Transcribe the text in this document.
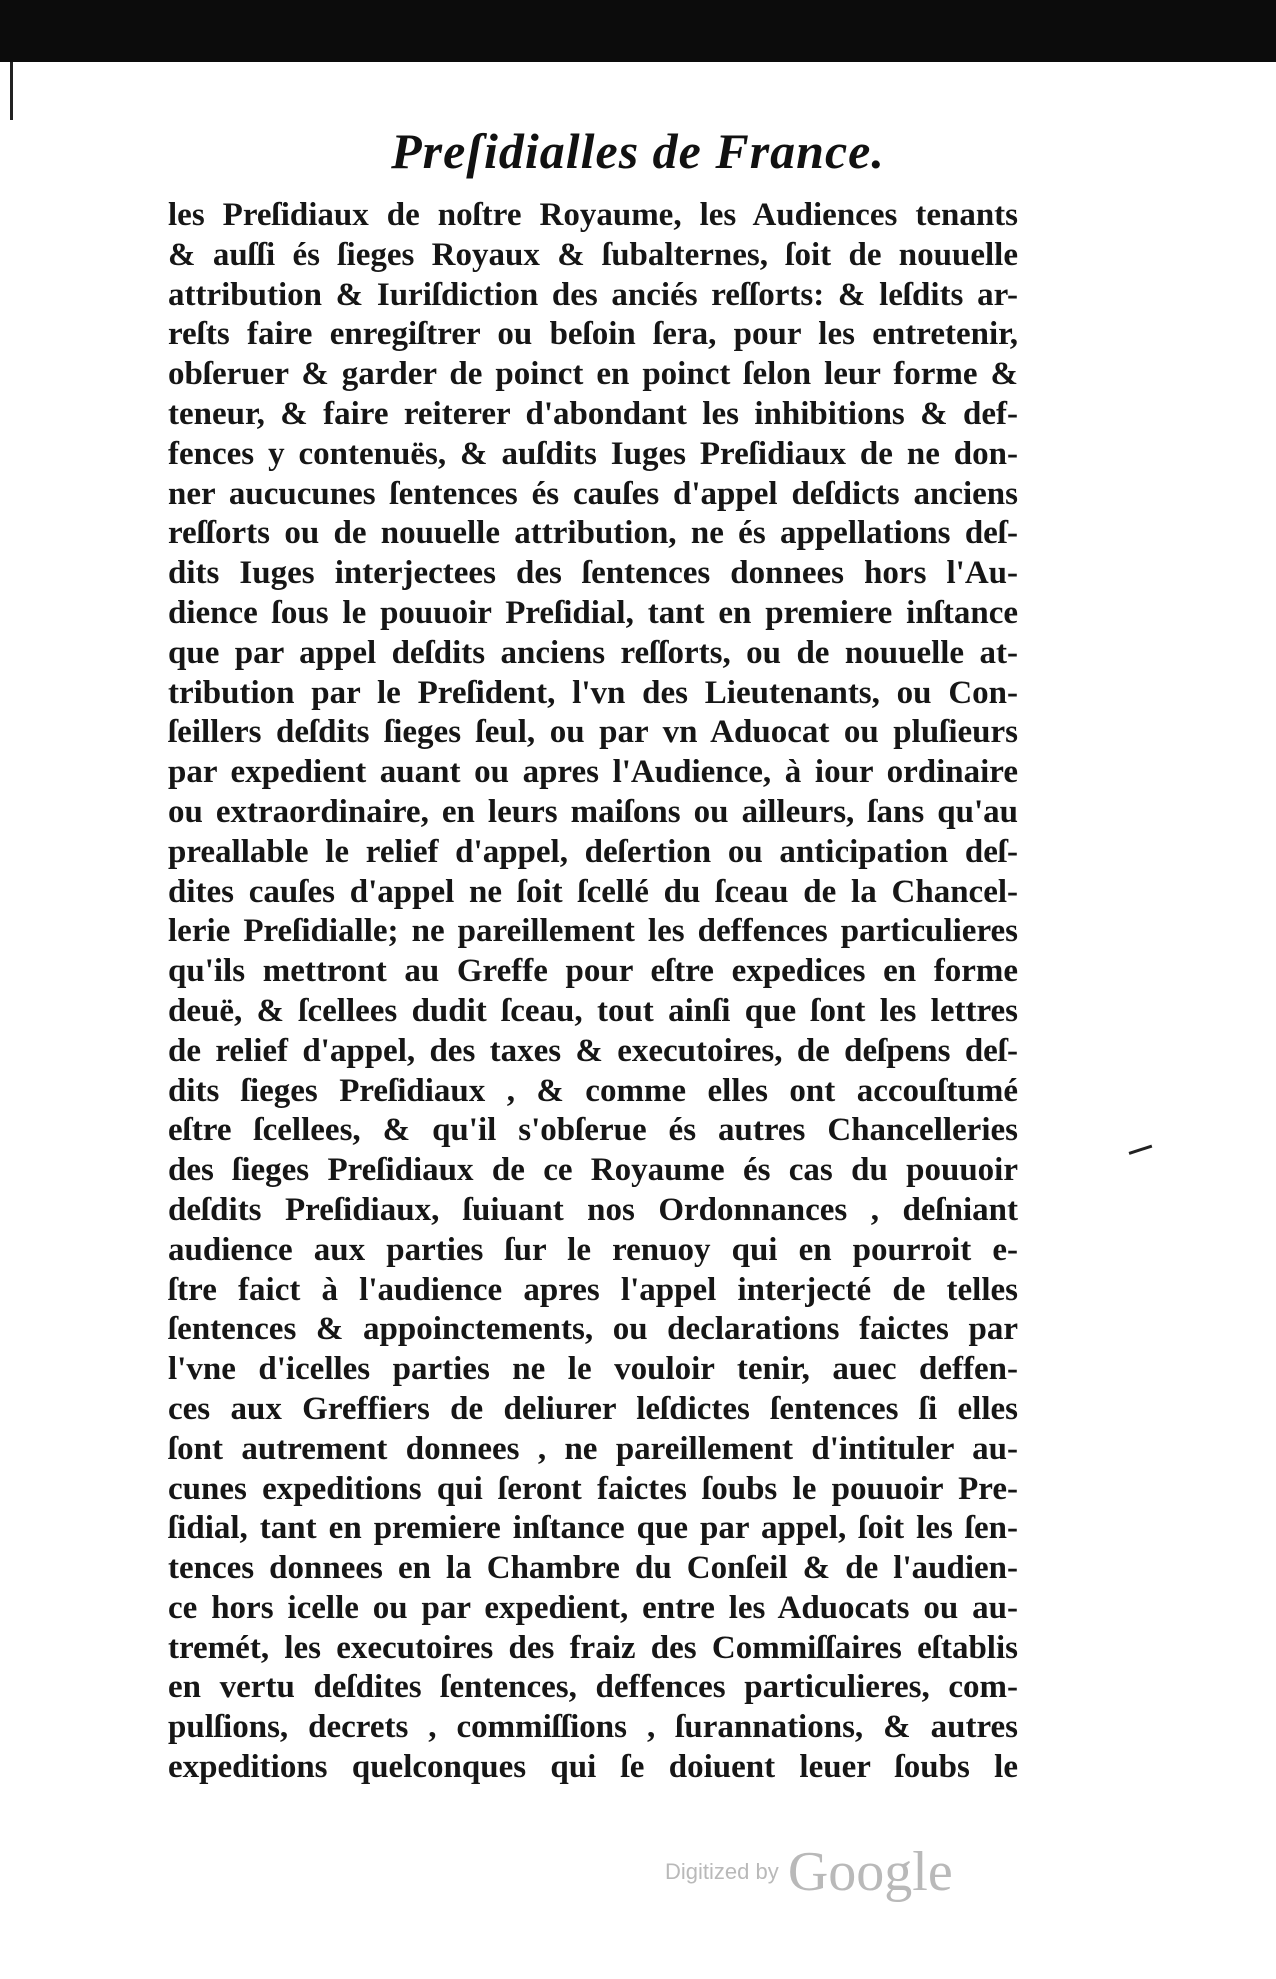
Preſidialles de France.
les Preſidiaux de noſtre Royaume, les Audiences tenants
& auſſi és ſieges Royaux & ſubalternes, ſoit de nouuelle
attribution & Iuriſdiction des anciés reſſorts: & leſdits ar-
reſts faire enregiſtrer ou beſoin ſera, pour les entretenir,
obſeruer & garder de poinct en poinct ſelon leur forme &
teneur, & faire reiterer d'abondant les inhibitions & def-
fences y contenuës, & auſdits Iuges Preſidiaux de ne don-
ner aucucunes ſentences és cauſes d'appel deſdicts anciens
reſſorts ou de nouuelle attribution, ne és appellations deſ-
dits Iuges interjectees des ſentences donnees hors l'Au-
dience ſous le pouuoir Preſidial, tant en premiere inſtance
que par appel deſdits anciens reſſorts, ou de nouuelle at-
tribution par le Preſident, l'vn des Lieutenants, ou Con-
ſeillers deſdits ſieges ſeul, ou par vn Aduocat ou pluſieurs
par expedient auant ou apres l'Audience, à iour ordinaire
ou extraordinaire, en leurs maiſons ou ailleurs, ſans qu'au
preallable le relief d'appel, deſertion ou anticipation deſ-
dites cauſes d'appel ne ſoit ſcellé du ſceau de la Chancel-
lerie Preſidialle; ne pareillement les deffences particulieres
qu'ils mettront au Greffe pour eſtre expedices en forme
deuë, & ſcellees dudit ſceau, tout ainſi que ſont les lettres
de relief d'appel, des taxes & executoires, de deſpens deſ-
dits ſieges Preſidiaux , & comme elles ont accouſtumé
eſtre ſcellees, & qu'il s'obſerue és autres Chancelleries
des ſieges Preſidiaux de ce Royaume és cas du pouuoir
deſdits Preſidiaux, ſuiuant nos Ordonnances , deſniant
audience aux parties ſur le renuoy qui en pourroit e-
ſtre faict à l'audience apres l'appel interjecté de telles
ſentences & appoinctements, ou declarations faictes par
l'vne d'icelles parties ne le vouloir tenir, auec deffen-
ces aux Greffiers de deliurer leſdictes ſentences ſi elles
ſont autrement donnees , ne pareillement d'intituler au-
cunes expeditions qui ſeront faictes ſoubs le pouuoir Pre-
ſidial, tant en premiere inſtance que par appel, ſoit les ſen-
tences donnees en la Chambre du Conſeil & de l'audien-
ce hors icelle ou par expedient, entre les Aduocats ou au-
tremét, les executoires des fraiz des Commiſſaires eſtablis
en vertu deſdites ſentences, deffences particulieres, com-
pulſions, decrets , commiſſions , ſurannations, & autres
expeditions quelconques qui ſe doiuent leuer ſoubs le
Digitized by Google
